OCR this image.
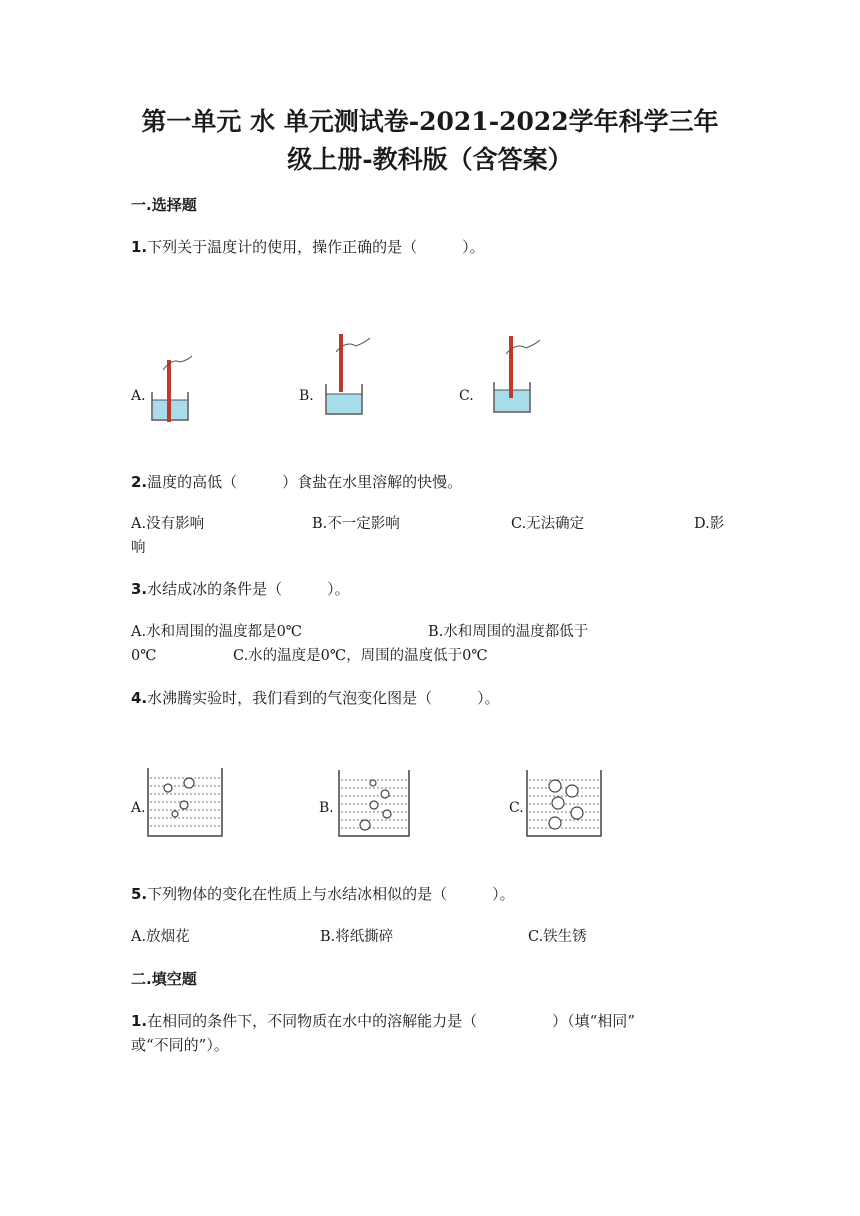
第一单元 水 单元测试卷-2021-2022学年科学三年
级上册-教科版（含答案）
一.选择题
1.下列关于温度计的使用，操作正确的是（　　　）。
A.	B.	C.
2.温度的高低（　　　）食盐在水里溶解的快慢。
A.没有影响	B.不一定影响	C.无法确定	D.影
响
3.水结成冰的条件是（　　　）。
A.水和周围的温度都是0℃	B.水和周围的温度都低于
0℃	C.水的温度是0℃，周围的温度低于0℃
4.水沸腾实验时，我们看到的气泡变化图是（　　　）。
A.	B.	C.
5.下列物体的变化在性质上与水结冰相似的是（　　　）。
A.放烟花	B.将纸撕碎	C.铁生锈
二.填空题
1.在相同的条件下，不同物质在水中的溶解能力是（　　　　　）（填“相同”
或“不同的”）。
